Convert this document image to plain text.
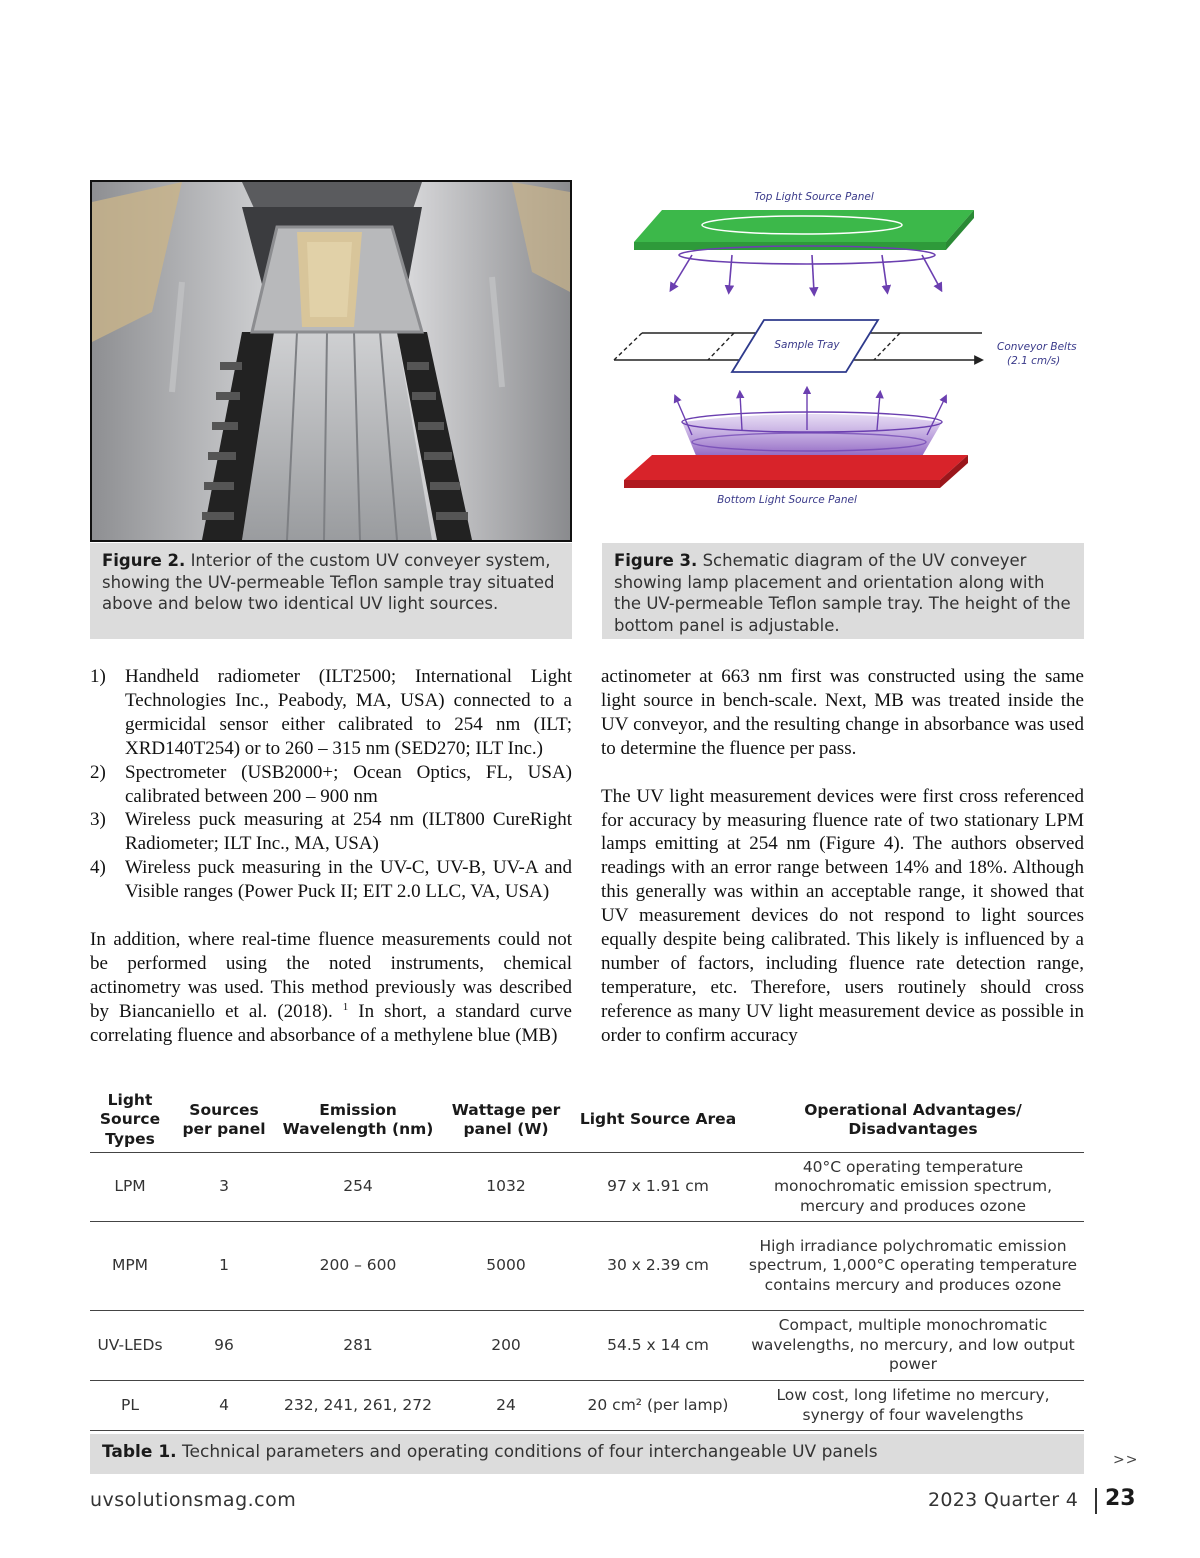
Figure 2. Interior of the custom UV conveyer system, showing the UV-permeable Teflon sample tray situated above and below two identical UV light sources.
Top Light Source Panel
Sample Tray	Conveyor Belts
(2.1 cm/s)
Bottom Light Source Panel
Figure 3. Schematic diagram of the UV conveyer showing lamp placement and orientation along with the UV-permeable Teflon sample tray. The height of the bottom panel is adjustable.
1) Handheld radiometer (ILT2500; International Light Technologies Inc., Peabody, MA, USA) connected to a germicidal sensor either calibrated to 254 nm (ILT; XRD140T254) or to 260 – 315 nm (SED270; ILT Inc.)
2) Spectrometer (USB2000+; Ocean Optics, FL, USA) calibrated between 200 – 900 nm
3) Wireless puck measuring at 254 nm (ILT800 CureRight Radiometer; ILT Inc., MA, USA)
4) Wireless puck measuring in the UV-C, UV-B, UV-A and Visible ranges (Power Puck II; EIT 2.0 LLC, VA, USA)
In addition, where real-time fluence measurements could not be performed using the noted instruments, chemical actinometry was used. This method previously was described by Biancaniello et al. (2018). $^1$ In short, a standard curve correlating fluence and absorbance of a methylene blue (MB)
actinometer at 663 nm first was constructed using the same light source in bench-scale. Next, MB was treated inside the UV conveyor, and the resulting change in absorbance was used to determine the fluence per pass.
The UV light measurement devices were first cross referenced for accuracy by measuring fluence rate of two stationary LPM lamps emitting at 254 nm (Figure 4). The authors observed readings with an error range between 14% and 18%. Although this generally was within an acceptable range, it showed that UV measurement devices do not respond to light sources equally despite being calibrated. This likely is influenced by a number of factors, including fluence rate detection range, temperature, etc. Therefore, users routinely should cross reference as many UV light measurement device as possible in order to confirm accuracy
Light Source Types	Sources per panel	Emission Wavelength (nm)	Wattage per panel (W)	Light Source Area	Operational Advantages/ Disadvantages
LPM	3	254	1032	97 x 1.91 cm	40°C operating temperature monochromatic emission spectrum, mercury and produces ozone
MPM	1	200 – 600	5000	30 x 2.39 cm	High irradiance polychromatic emission spectrum, 1,000°C operating temperature contains mercury and produces ozone
UV-LEDs	96	281	200	54.5 x 14 cm	Compact, multiple monochromatic wavelengths, no mercury, and low output power
PL	4	232, 241, 261, 272	24	20 cm² (per lamp)	Low cost, long lifetime no mercury, synergy of four wavelengths
Table 1. Technical parameters and operating conditions of four interchangeable UV panels	>>
uvsolutionsmag.com	2023 Quarter 4 23
